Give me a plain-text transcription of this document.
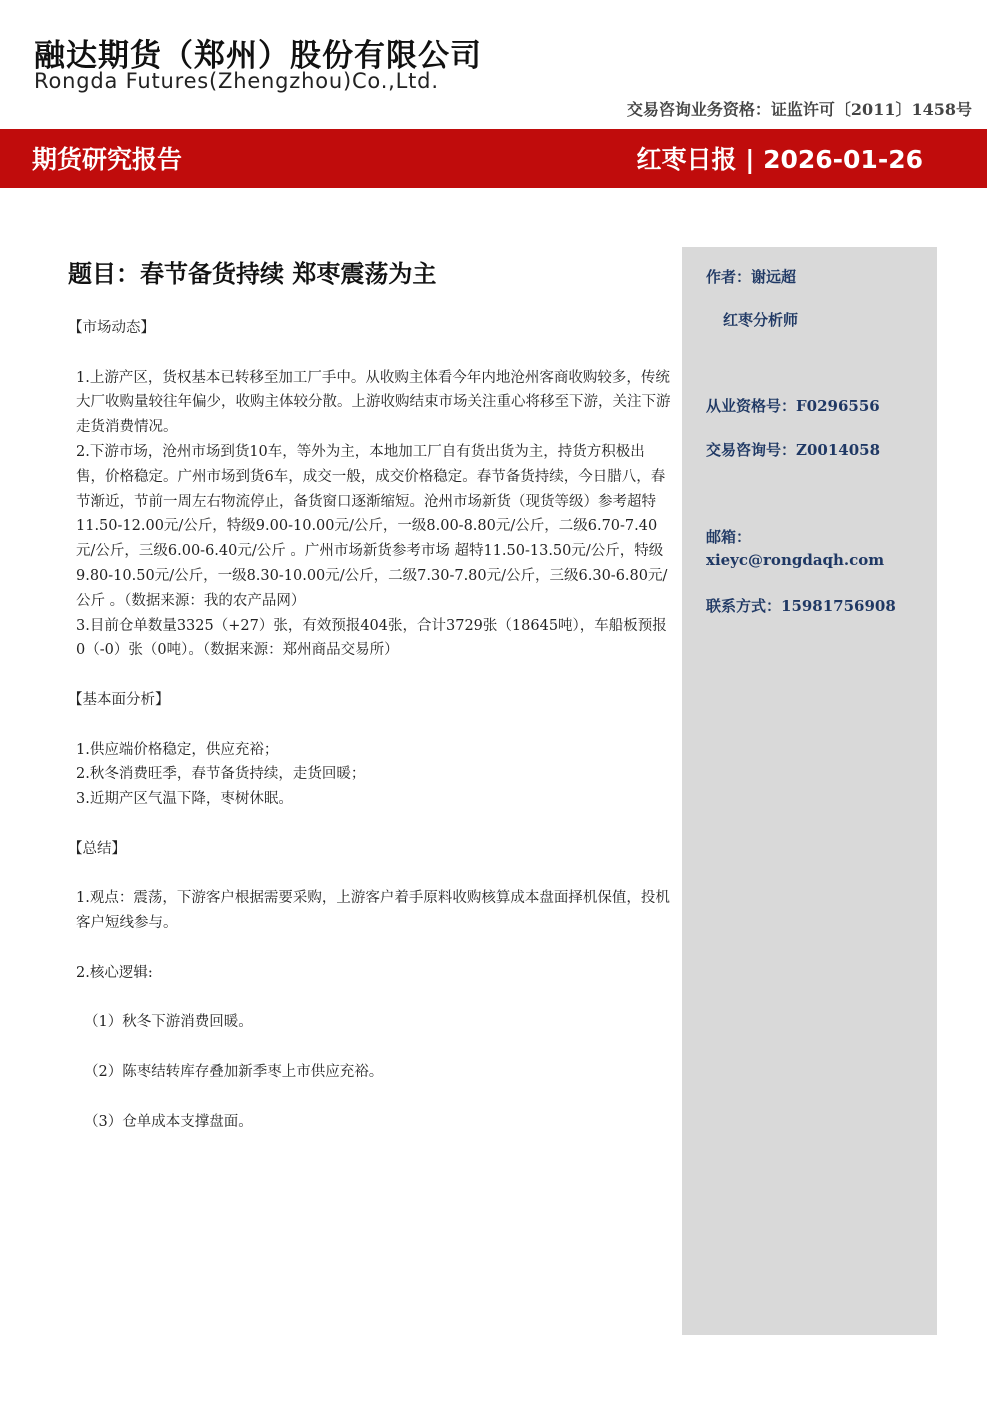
融达期货（郑州）股份有限公司
Rongda Futures(Zhengzhou)Co.,Ltd.
交易咨询业务资格：证监许可〔2011〕1458号
期货研究报告	红枣日报 | 2026-01-26
作者：谢远超
红枣分析师
从业资格号：F0296556
交易咨询号：Z0014058
邮箱：
xieyc@rongdaqh.com
联系方式：15981756908
题目：春节备货持续 郑枣震荡为主

【市场动态】

1.上游产区，货权基本已转移至加工厂手中。从收购主体看今年内地沧州客商收购较多，传统大厂收购量较往年偏少，收购主体较分散。上游收购结束市场关注重心将移至下游，关注下游走货消费情况。

2.下游市场，沧州市场到货10车，等外为主，本地加工厂自有货出货为主，持货方积极出售，价格稳定。广州市场到货6车，成交一般，成交价格稳定。春节备货持续，今日腊八，春节渐近，节前一周左右物流停止，备货窗口逐渐缩短。沧州市场新货（现货等级）参考超特 11.50-12.00元/公斤，特级9.00-10.00元/公斤，一级8.00-8.80元/公斤，二级6.70-7.40元/公斤，三级6.00-6.40元/公斤 。广州市场新货参考市场 超特11.50-13.50元/公斤，特级9.80-10.50元/公斤，一级8.30-10.00元/公斤，二级7.30-7.80元/公斤，三级6.30-6.80元/公斤 。（数据来源：我的农产品网）

3.目前仓单数量3325（+27）张，有效预报404张，合计3729张（18645吨），车船板预报0（-0）张（0吨）。（数据来源：郑州商品交易所）

【基本面分析】

1.供应端价格稳定，供应充裕；

2.秋冬消费旺季，春节备货持续，走货回暖；

3.近期产区气温下降，枣树休眠。

【总结】

1.观点：震荡，下游客户根据需要采购，上游客户着手原料收购核算成本盘面择机保值，投机客户短线参与。

2.核心逻辑:

（1）秋冬下游消费回暖。

（2）陈枣结转库存叠加新季枣上市供应充裕。

（3）仓单成本支撑盘面。
